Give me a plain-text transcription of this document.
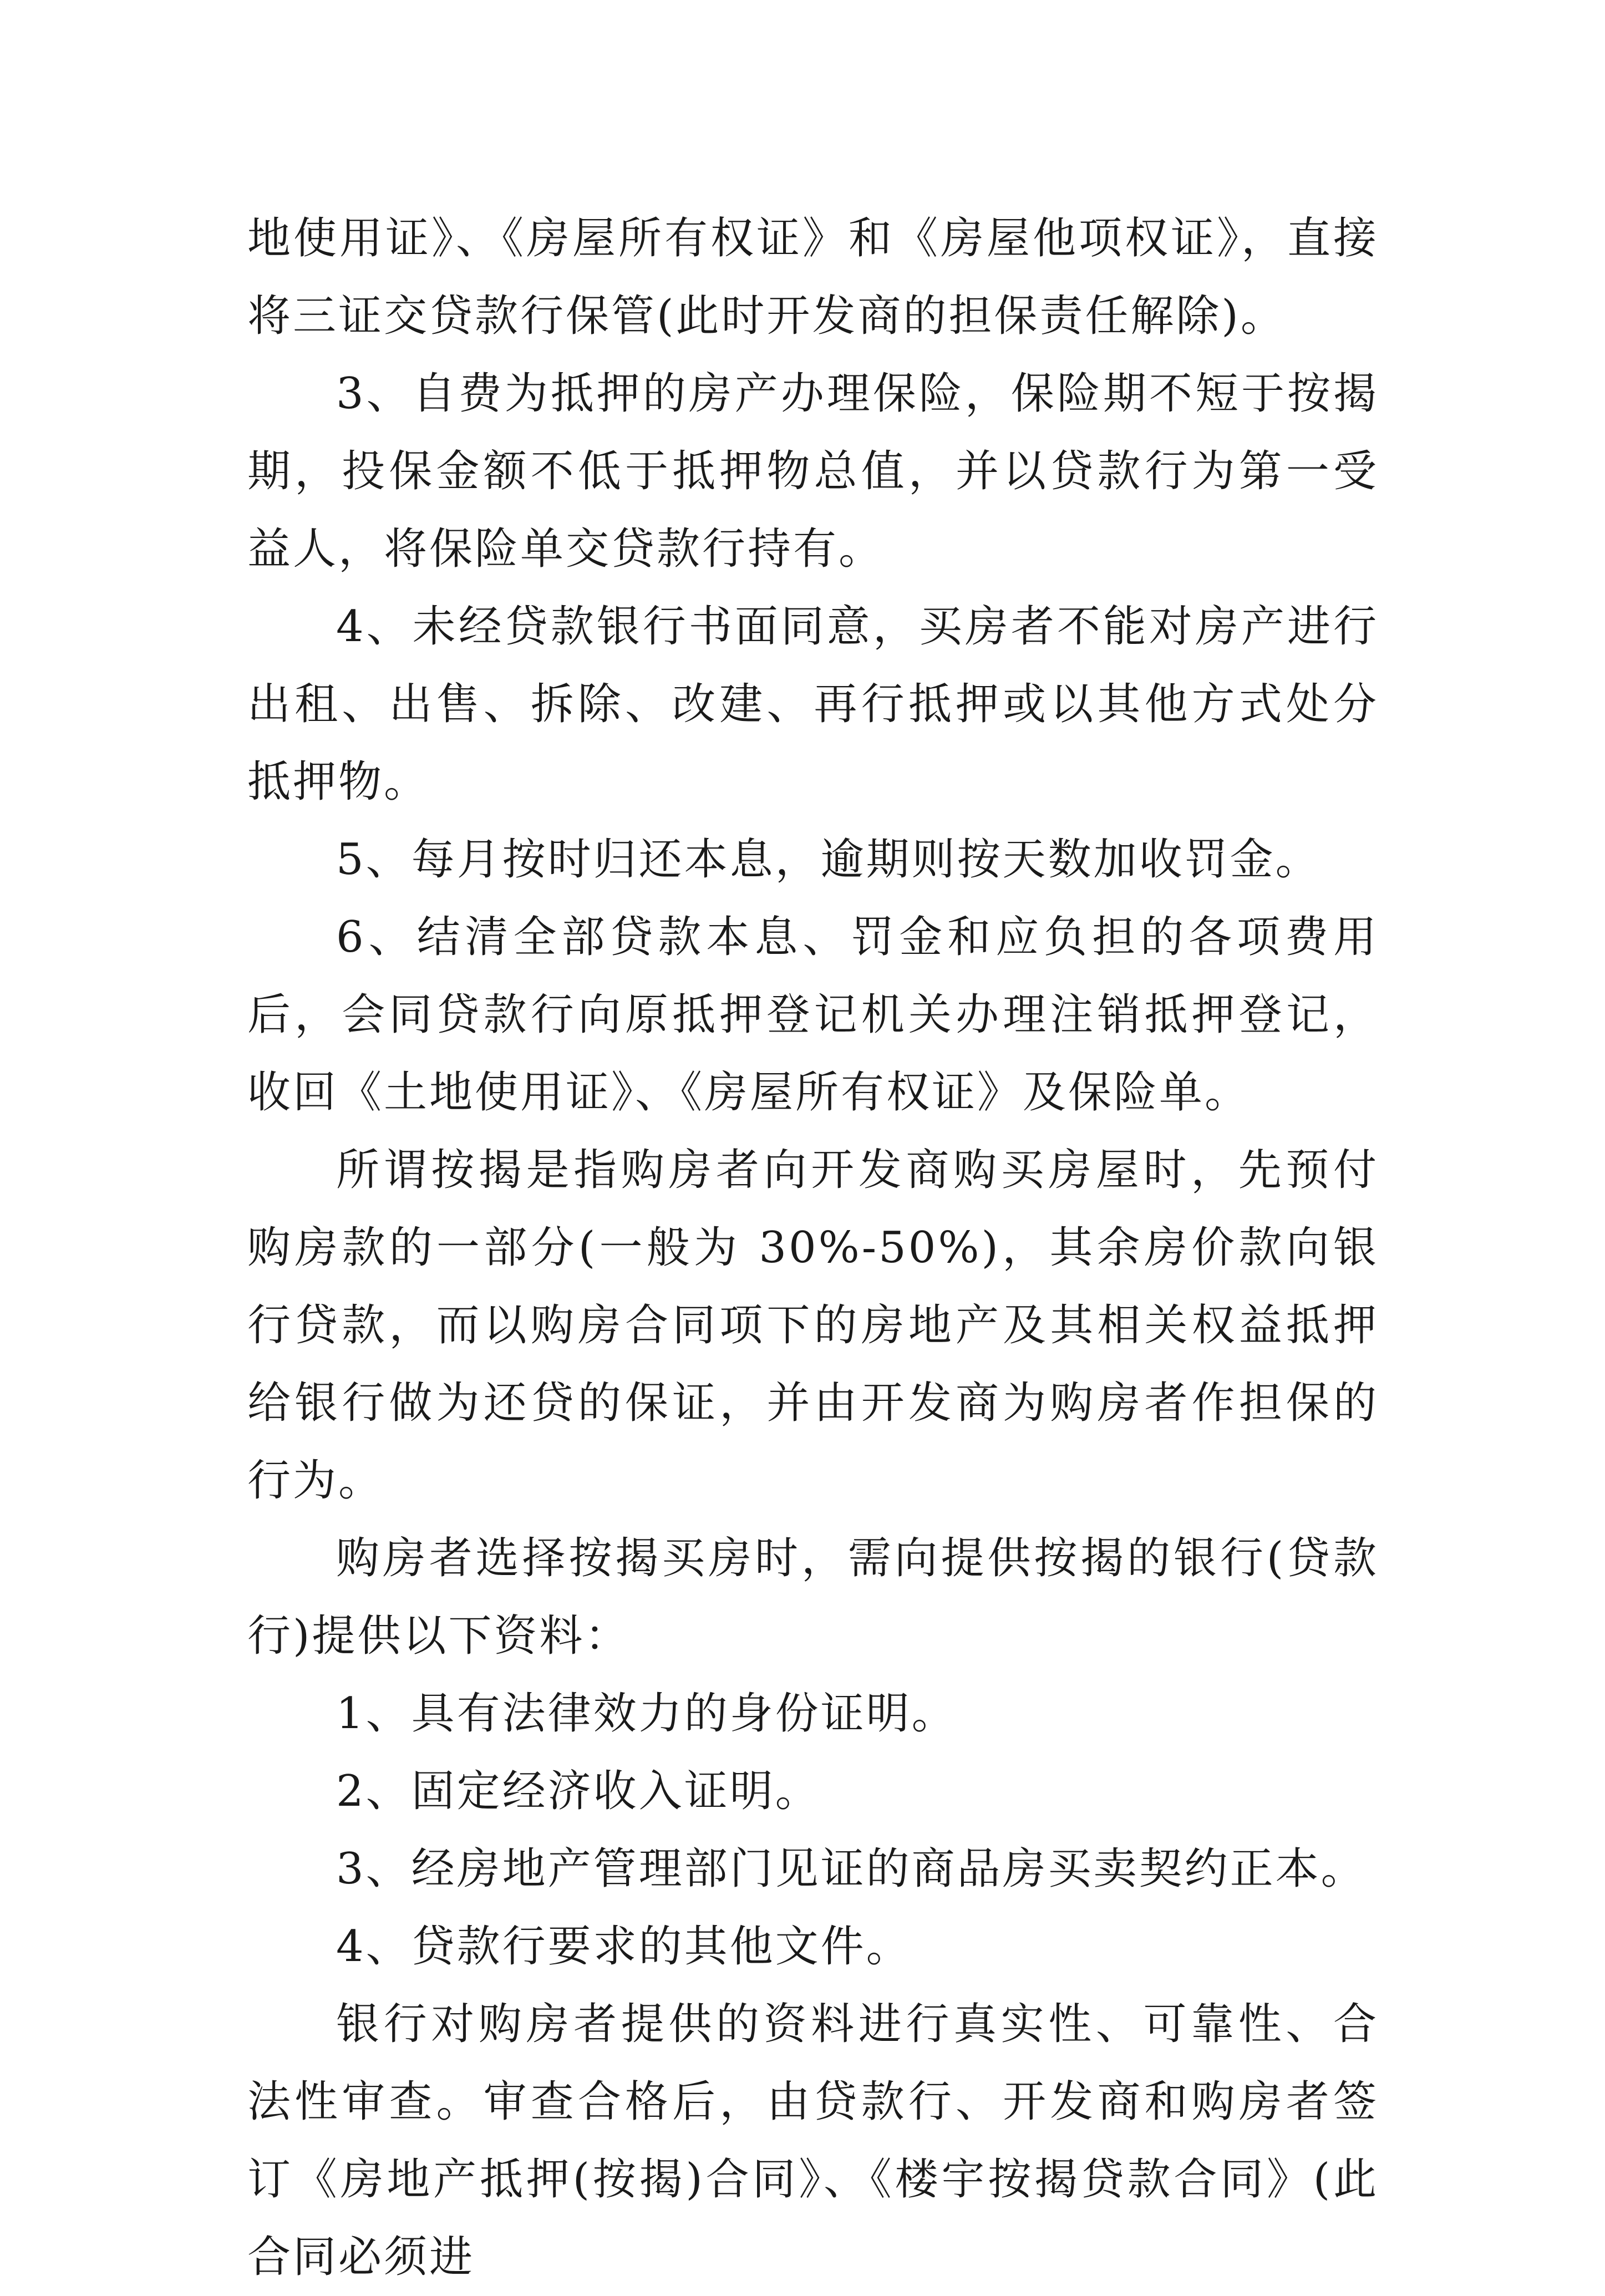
地使用证》、《房屋所有权证》和《房屋他项权证》，直接将三证交贷款行保管(此时开发商的担保责任解除)。

3、自费为抵押的房产办理保险，保险期不短于按揭期，投保金额不低于抵押物总值，并以贷款行为第一受益人，将保险单交贷款行持有。

4、未经贷款银行书面同意，买房者不能对房产进行出租、出售、拆除、改建、再行抵押或以其他方式处分抵押物。

5、每月按时归还本息，逾期则按天数加收罚金。

6、结清全部贷款本息、罚金和应负担的各项费用后，会同贷款行向原抵押登记机关办理注销抵押登记，收回《土地使用证》、《房屋所有权证》及保险单。

所谓按揭是指购房者向开发商购买房屋时，先预付购房款的一部分(一般为 30%-50%)，其余房价款向银行贷款，而以购房合同项下的房地产及其相关权益抵押给银行做为还贷的保证，并由开发商为购房者作担保的行为。

购房者选择按揭买房时，需向提供按揭的银行(贷款行)提供以下资料：

1、具有法律效力的身份证明。

2、固定经济收入证明。

3、经房地产管理部门见证的商品房买卖契约正本。

4、贷款行要求的其他文件。

银行对购房者提供的资料进行真实性、可靠性、合法性审查。审查合格后，由贷款行、开发商和购房者签订《房地产抵押(按揭)合同》、《楼宇按揭贷款合同》(此合同必须进
